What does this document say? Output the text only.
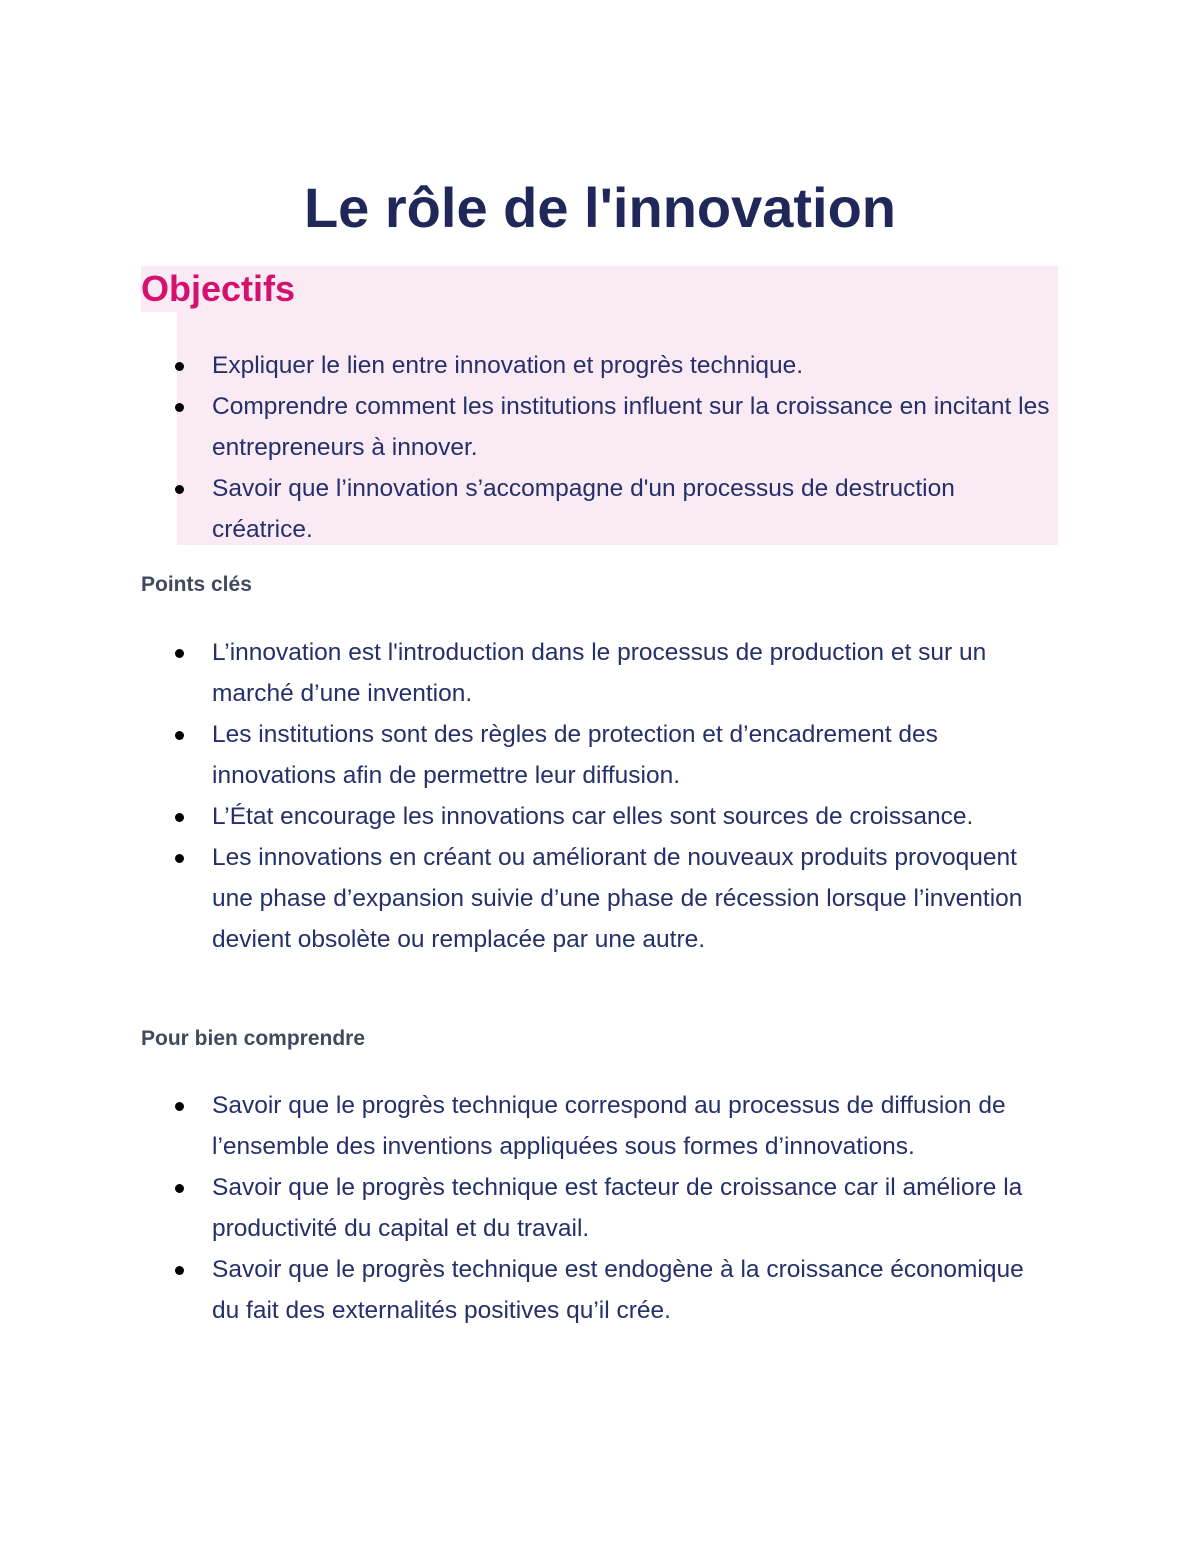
Le rôle de l'innovation
Objectifs
Expliquer le lien entre innovation et progrès technique.
Comprendre comment les institutions influent sur la croissance en incitant les entrepreneurs à innover.
Savoir que l’innovation s’accompagne d'un processus de destruction créatrice.
Points clés
L’innovation est l'introduction dans le processus de production et sur un marché d’une invention.
Les institutions sont des règles de protection et d’encadrement des innovations afin de permettre leur diffusion.
L’État encourage les innovations car elles sont sources de croissance.
Les innovations en créant ou améliorant de nouveaux produits provoquent une phase d’expansion suivie d’une phase de récession lorsque l’invention devient obsolète ou remplacée par une autre.
Pour bien comprendre
Savoir que le progrès technique correspond au processus de diffusion de l’ensemble des inventions appliquées sous formes d’innovations.
Savoir que le progrès technique est facteur de croissance car il améliore la productivité du capital et du travail.
Savoir que le progrès technique est endogène à la croissance économique du fait des externalités positives qu’il crée.
